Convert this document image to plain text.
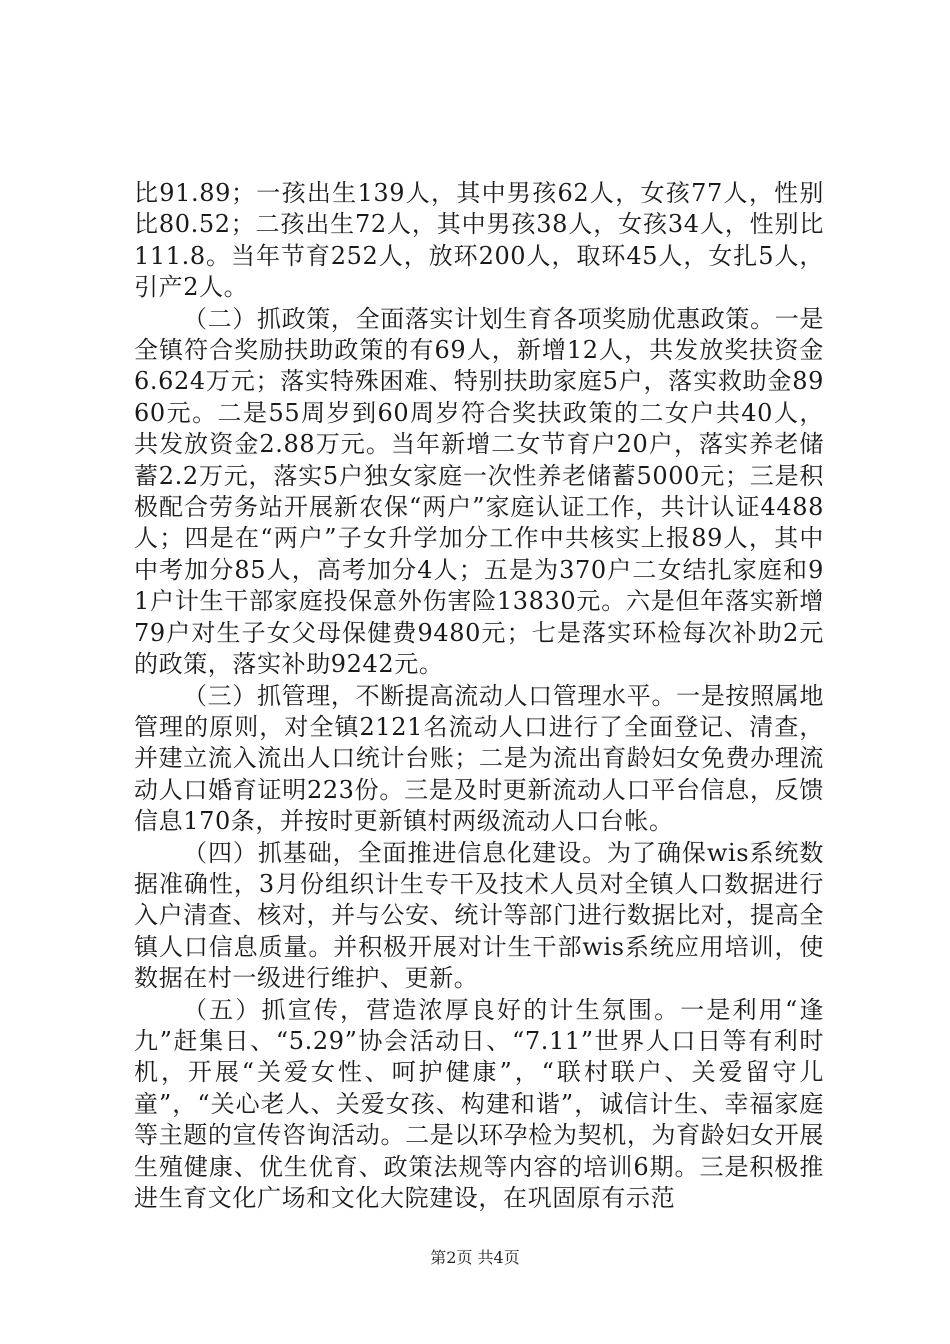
比91.89；一孩出生139人，其中男孩62人，女孩77人，性别比80.52；二孩出生72人，其中男孩38人，女孩34人，性别比111.8。当年节育252人，放环200人，取环45人，女扎5人，引产2人。

（二）抓政策，全面落实计划生育各项奖励优惠政策。一是全镇符合奖励扶助政策的有69人，新增12人，共发放奖扶资金6.624万元；落实特殊困难、特别扶助家庭5户，落实救助金8960元。二是55周岁到60周岁符合奖扶政策的二女户共40人，共发放资金2.88万元。当年新增二女节育户20户，落实养老储蓄2.2万元，落实5户独女家庭一次性养老储蓄5000元；三是积极配合劳务站开展新农保“两户”家庭认证工作，共计认证4488人；四是在“两户”子女升学加分工作中共核实上报89人，其中中考加分85人，高考加分4人；五是为370户二女结扎家庭和91户计生干部家庭投保意外伤害险13830元。六是但年落实新增79户对生子女父母保健费9480元；七是落实环检每次补助2元的政策，落实补助9242元。

（三）抓管理，不断提高流动人口管理水平。一是按照属地管理的原则，对全镇2121名流动人口进行了全面登记、清查，并建立流入流出人口统计台账；二是为流出育龄妇女免费办理流动人口婚育证明223份。三是及时更新流动人口平台信息，反馈信息170条，并按时更新镇村两级流动人口台帐。

（四）抓基础，全面推进信息化建设。为了确保wis系统数据准确性，3月份组织计生专干及技术人员对全镇人口数据进行入户清查、核对，并与公安、统计等部门进行数据比对，提高全镇人口信息质量。并积极开展对计生干部wis系统应用培训，使数据在村一级进行维护、更新。

（五）抓宣传，营造浓厚良好的计生氛围。一是利用“逢九”赶集日、“5.29”协会活动日、“7.11”世界人口日等有利时机，开展“关爱女性、呵护健康”，“联村联户、关爱留守儿童”，“关心老人、关爱女孩、构建和谐”，诚信计生、幸福家庭等主题的宣传咨询活动。二是以环孕检为契机，为育龄妇女开展生殖健康、优生优育、政策法规等内容的培训6期。三是积极推进生育文化广场和文化大院建设，在巩固原有示范

第2页 共4页
